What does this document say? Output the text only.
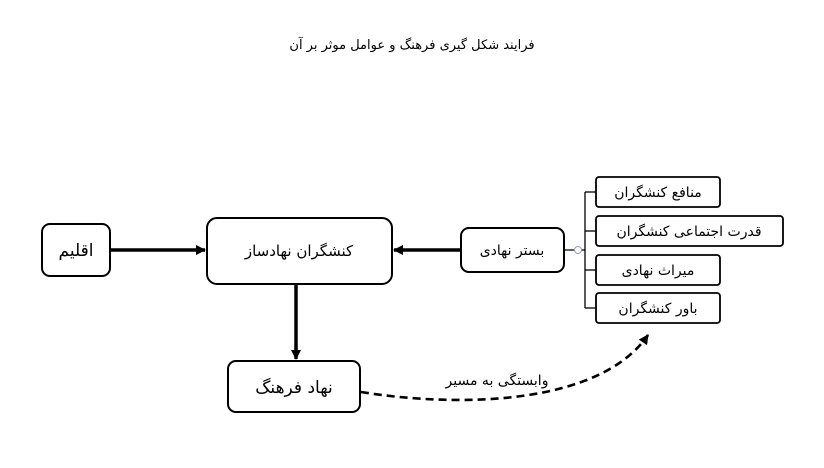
فرایند شکل گیری فرهنگ و عوامل موثر بر آن
اقلیم	کنشگران نهادساز	بستر نهادی
نهاد فرهنگ
منافع کنشگران
قدرت اجتماعی کنشگران
میراث نهادی
باور کنشگران
وابستگی به مسیر
